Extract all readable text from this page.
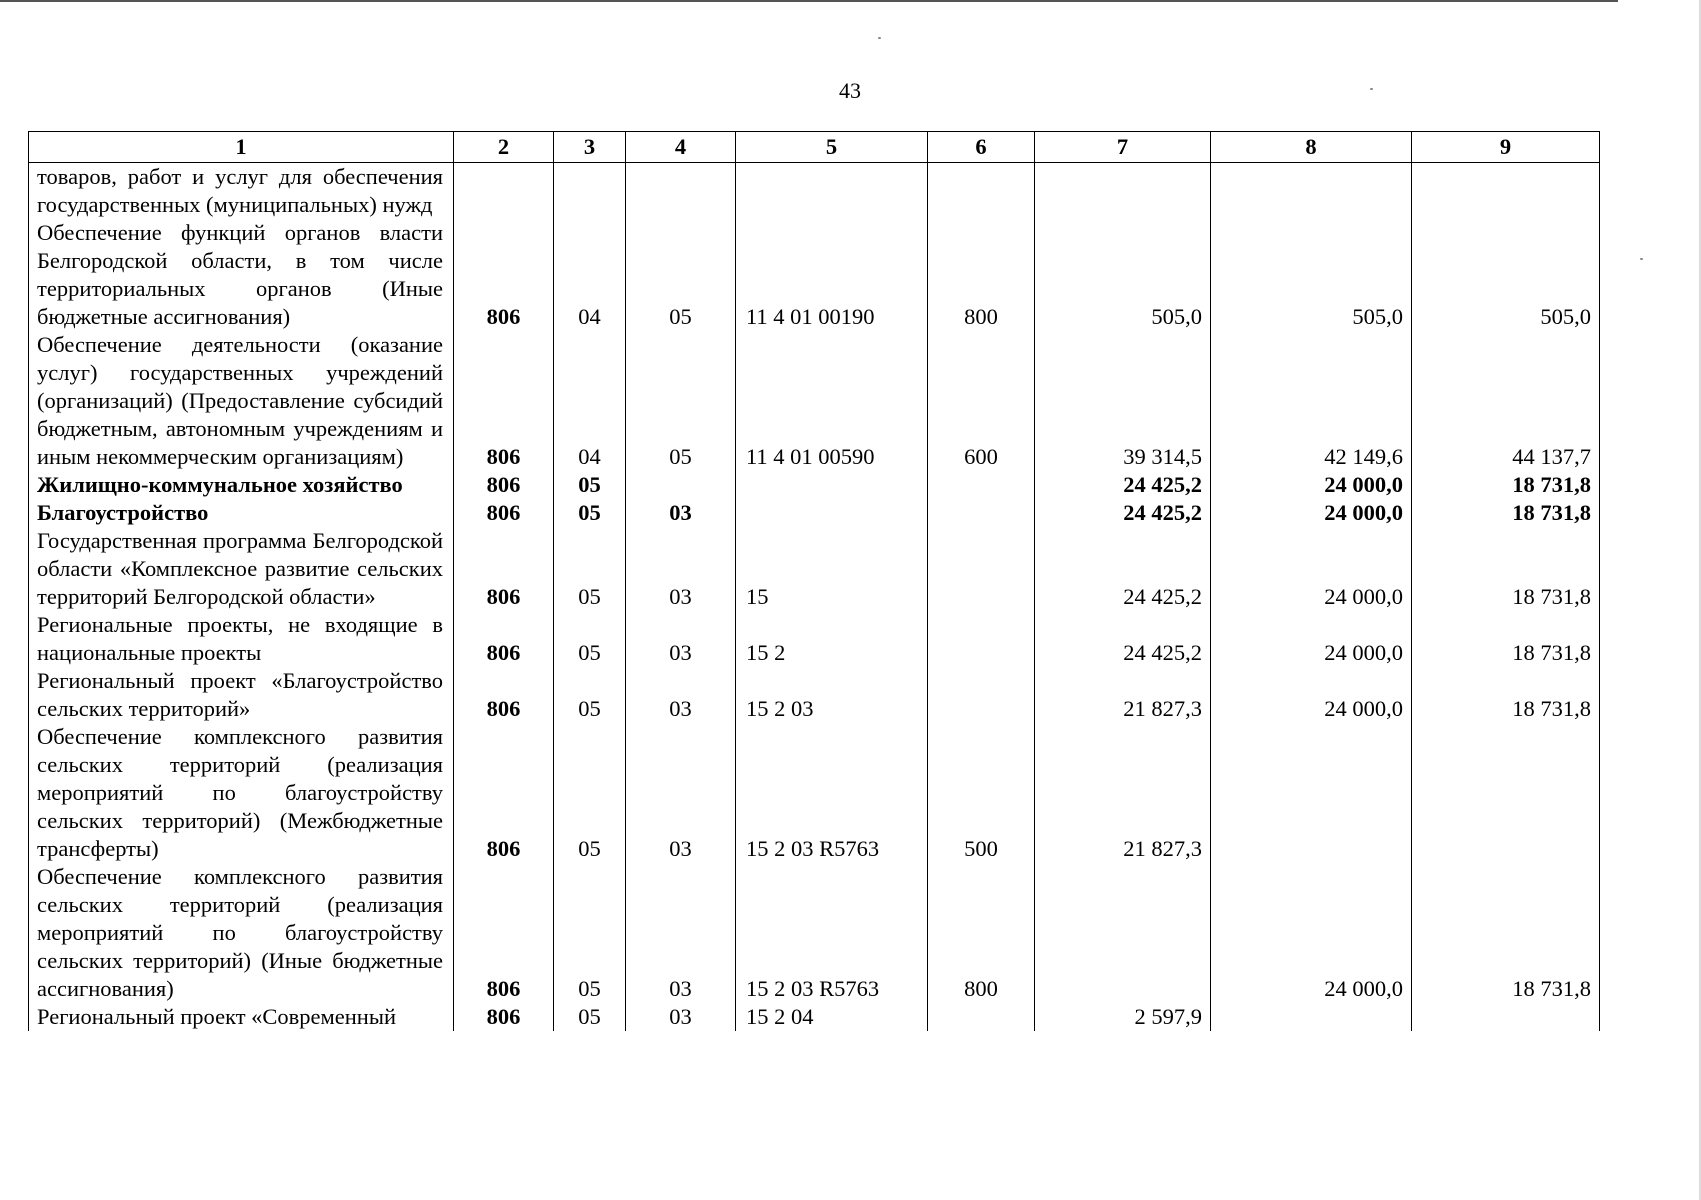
43
1	2	3	4	5	6	7	8	9
товаров, работ и услуг для обеспечения государственных (муниципальных) нужд								
Обеспечение функций органов власти Белгородской области, в том числе территориальных органов (Иные бюджетные ассигнования)	806	04	05	11 4 01 00190	800	505,0	505,0	505,0
Обеспечение деятельности (оказание услуг) государственных учреждений (организаций) (Предоставление субсидий бюджетным, автономным учреждениям и иным некоммерческим организациям)	806	04	05	11 4 01 00590	600	39 314,5	42 149,6	44 137,7
Жилищно-коммунальное хозяйство	806	05				24 425,2	24 000,0	18 731,8
Благоустройство	806	05	03			24 425,2	24 000,0	18 731,8
Государственная программа Белгородской области «Комплексное развитие сельских территорий Белгородской области»	806	05	03	15		24 425,2	24 000,0	18 731,8
Региональные проекты, не входящие в национальные проекты	806	05	03	15 2		24 425,2	24 000,0	18 731,8
Региональный проект «Благоустройство сельских территорий»	806	05	03	15 2 03		21 827,3	24 000,0	18 731,8
Обеспечение комплексного развития сельских территорий (реализация мероприятий по благоустройству сельских территорий) (Межбюджетные трансферты)	806	05	03	15 2 03 R5763	500	21 827,3		
Обеспечение комплексного развития сельских территорий (реализация мероприятий по благоустройству сельских территорий) (Иные бюджетные ассигнования)	806	05	03	15 2 03 R5763	800		24 000,0	18 731,8
Региональный проект «Современный	806	05	03	15 2 04		2 597,9		
